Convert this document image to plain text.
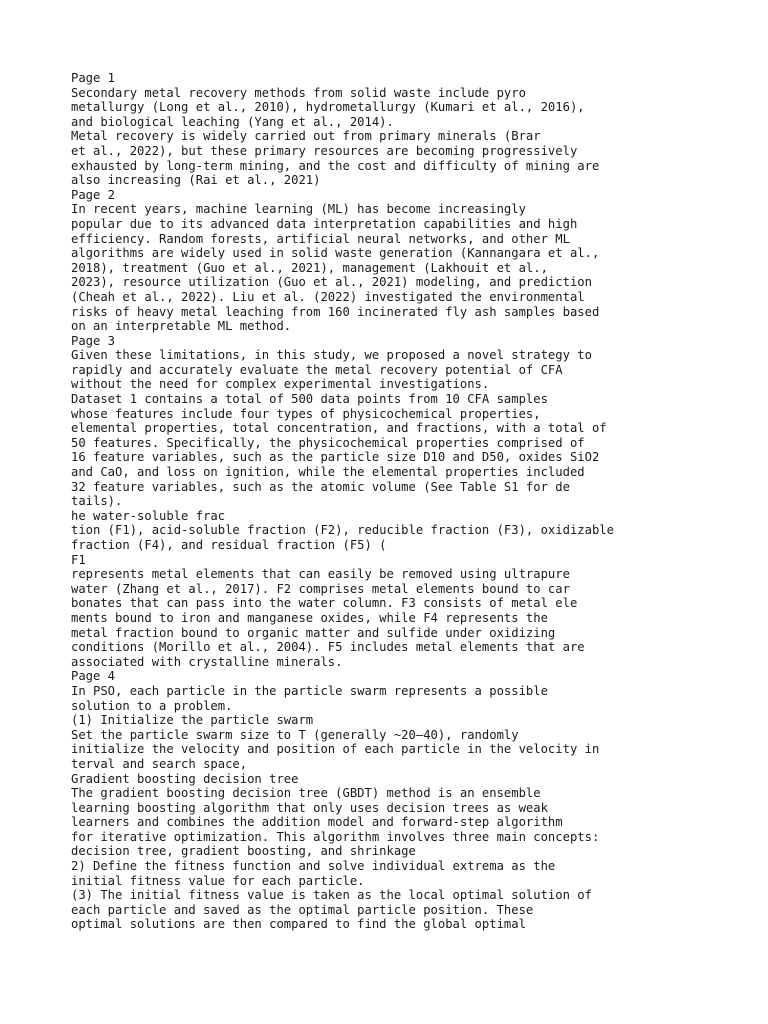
Page 1
Secondary metal recovery methods from solid waste include pyro
metallurgy (Long et al., 2010), hydrometallurgy (Kumari et al., 2016),
and biological leaching (Yang et al., 2014).
Metal recovery is widely carried out from primary minerals (Brar
et al., 2022), but these primary resources are becoming progressively
exhausted by long-term mining, and the cost and difficulty of mining are
also increasing (Rai et al., 2021)
Page 2
In recent years, machine learning (ML) has become increasingly
popular due to its advanced data interpretation capabilities and high
efficiency. Random forests, artificial neural networks, and other ML
algorithms are widely used in solid waste generation (Kannangara et al.,
2018), treatment (Guo et al., 2021), management (Lakhouit et al.,
2023), resource utilization (Guo et al., 2021) modeling, and prediction
(Cheah et al., 2022). Liu et al. (2022) investigated the environmental
risks of heavy metal leaching from 160 incinerated fly ash samples based
on an interpretable ML method.
Page 3
Given these limitations, in this study, we proposed a novel strategy to
rapidly and accurately evaluate the metal recovery potential of CFA
without the need for complex experimental investigations.
Dataset 1 contains a total of 500 data points from 10 CFA samples
whose features include four types of physicochemical properties,
elemental properties, total concentration, and fractions, with a total of
50 features. Specifically, the physicochemical properties comprised of
16 feature variables, such as the particle size D10 and D50, oxides SiO2
and CaO, and loss on ignition, while the elemental properties included
32 feature variables, such as the atomic volume (See Table S1 for de
tails).
he water-soluble frac
tion (F1), acid-soluble fraction (F2), reducible fraction (F3), oxidizable
fraction (F4), and residual fraction (F5) (
F1
represents metal elements that can easily be removed using ultrapure
water (Zhang et al., 2017). F2 comprises metal elements bound to car
bonates that can pass into the water column. F3 consists of metal ele
ments bound to iron and manganese oxides, while F4 represents the
metal fraction bound to organic matter and sulfide under oxidizing
conditions (Morillo et al., 2004). F5 includes metal elements that are
associated with crystalline minerals.
Page 4
In PSO, each particle in the particle swarm represents a possible
solution to a problem.
(1) Initialize the particle swarm
Set the particle swarm size to T (generally ~20–40), randomly
initialize the velocity and position of each particle in the velocity in
terval and search space,
Gradient boosting decision tree
The gradient boosting decision tree (GBDT) method is an ensemble
learning boosting algorithm that only uses decision trees as weak
learners and combines the addition model and forward-step algorithm
for iterative optimization. This algorithm involves three main concepts:
decision tree, gradient boosting, and shrinkage
2) Define the fitness function and solve individual extrema as the
initial fitness value for each particle.
(3) The initial fitness value is taken as the local optimal solution of
each particle and saved as the optimal particle position. These
optimal solutions are then compared to find the global optimal
